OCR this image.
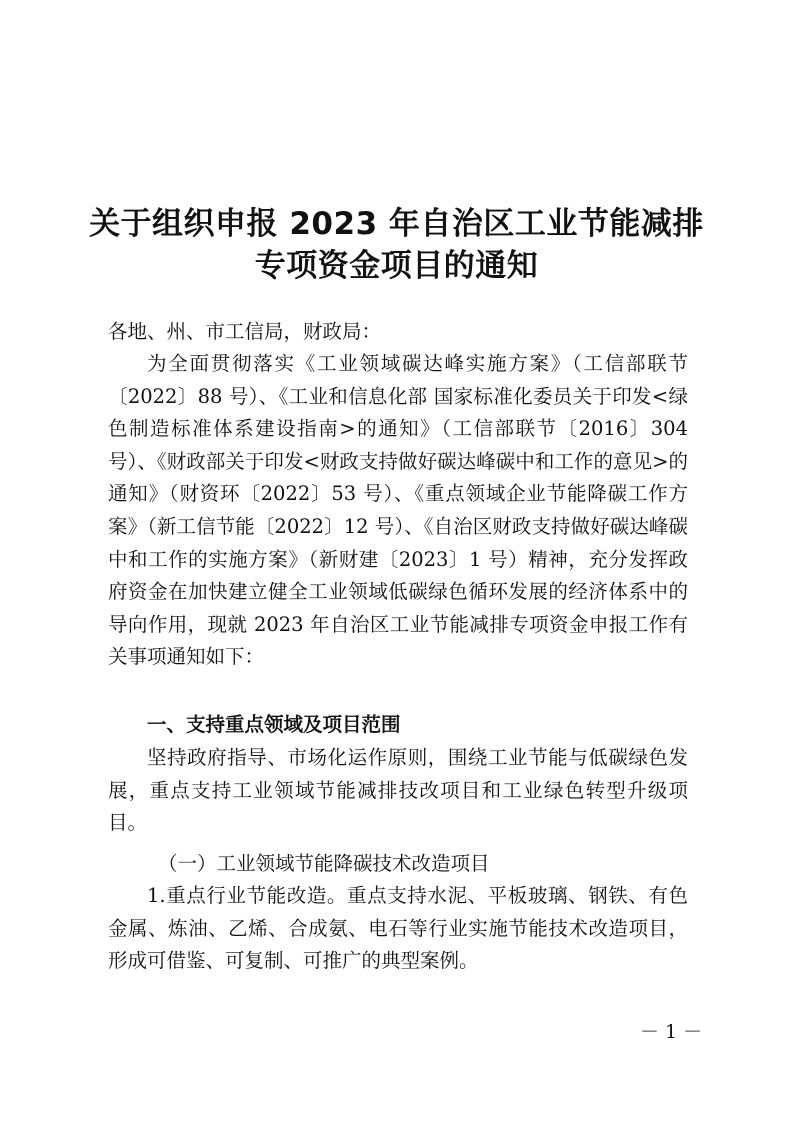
关于组织申报 2023 年自治区工业节能减排
专项资金项目的通知
各地、州、市工信局，财政局：
为全面贯彻落实《工业领域碳达峰实施方案》（工信部联节〔2022〕88 号）、《工业和信息化部 国家标准化委员关于印发<绿色制造标准体系建设指南>的通知》（工信部联节〔2016〕304 号）、《财政部关于印发<财政支持做好碳达峰碳中和工作的意见>的通知》（财资环〔2022〕53 号）、《重点领域企业节能降碳工作方案》（新工信节能〔2022〕12 号）、《自治区财政支持做好碳达峰碳中和工作的实施方案》（新财建〔2023〕1 号）精神，充分发挥政府资金在加快建立健全工业领域低碳绿色循环发展的经济体系中的导向作用，现就 2023 年自治区工业节能减排专项资金申报工作有关事项通知如下：
一、支持重点领域及项目范围
坚持政府指导、市场化运作原则，围绕工业节能与低碳绿色发展，重点支持工业领域节能减排技改项目和工业绿色转型升级项目。
（一）工业领域节能降碳技术改造项目
1.重点行业节能改造。重点支持水泥、平板玻璃、钢铁、有色金属、炼油、乙烯、合成氨、电石等行业实施节能技术改造项目，形成可借鉴、可复制、可推广的典型案例。
－ 1 －
